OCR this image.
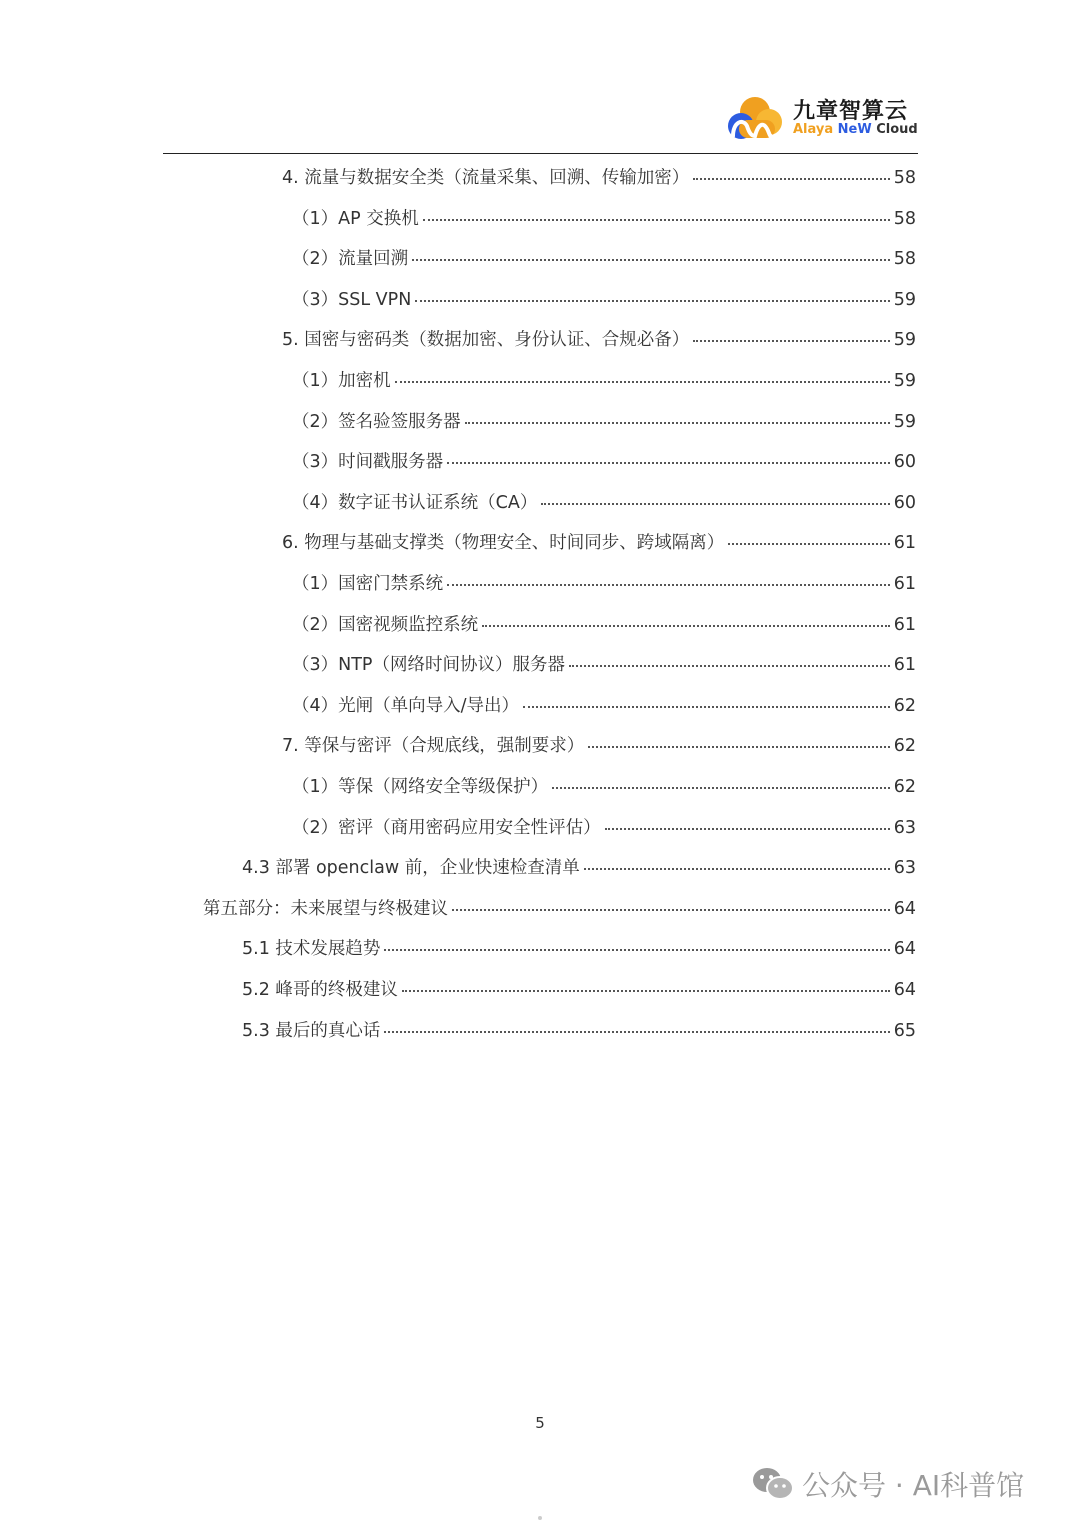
九章智算云
Alaya NeW Cloud
4. 流量与数据安全类（流量采集、回溯、传输加密）	58
（1）AP 交换机	58
（2）流量回溯	58
（3）SSL VPN	59
5. 国密与密码类（数据加密、身份认证、合规必备）	59
（1）加密机	59
（2）签名验签服务器	59
（3）时间戳服务器	60
（4）数字证书认证系统（CA）	60
6. 物理与基础支撑类（物理安全、时间同步、跨域隔离）	61
（1）国密门禁系统	61
（2）国密视频监控系统	61
（3）NTP（网络时间协议）服务器	61
（4）光闸（单向导入/导出）	62
7. 等保与密评（合规底线，强制要求）	62
（1）等保（网络安全等级保护）	62
（2）密评（商用密码应用安全性评估）	63
4.3 部署 openclaw 前，企业快速检查清单	63
第五部分：未来展望与终极建议	64
5.1 技术发展趋势	64
5.2 峰哥的终极建议	64
5.3 最后的真心话	65
5
公众号 · AI科普馆
